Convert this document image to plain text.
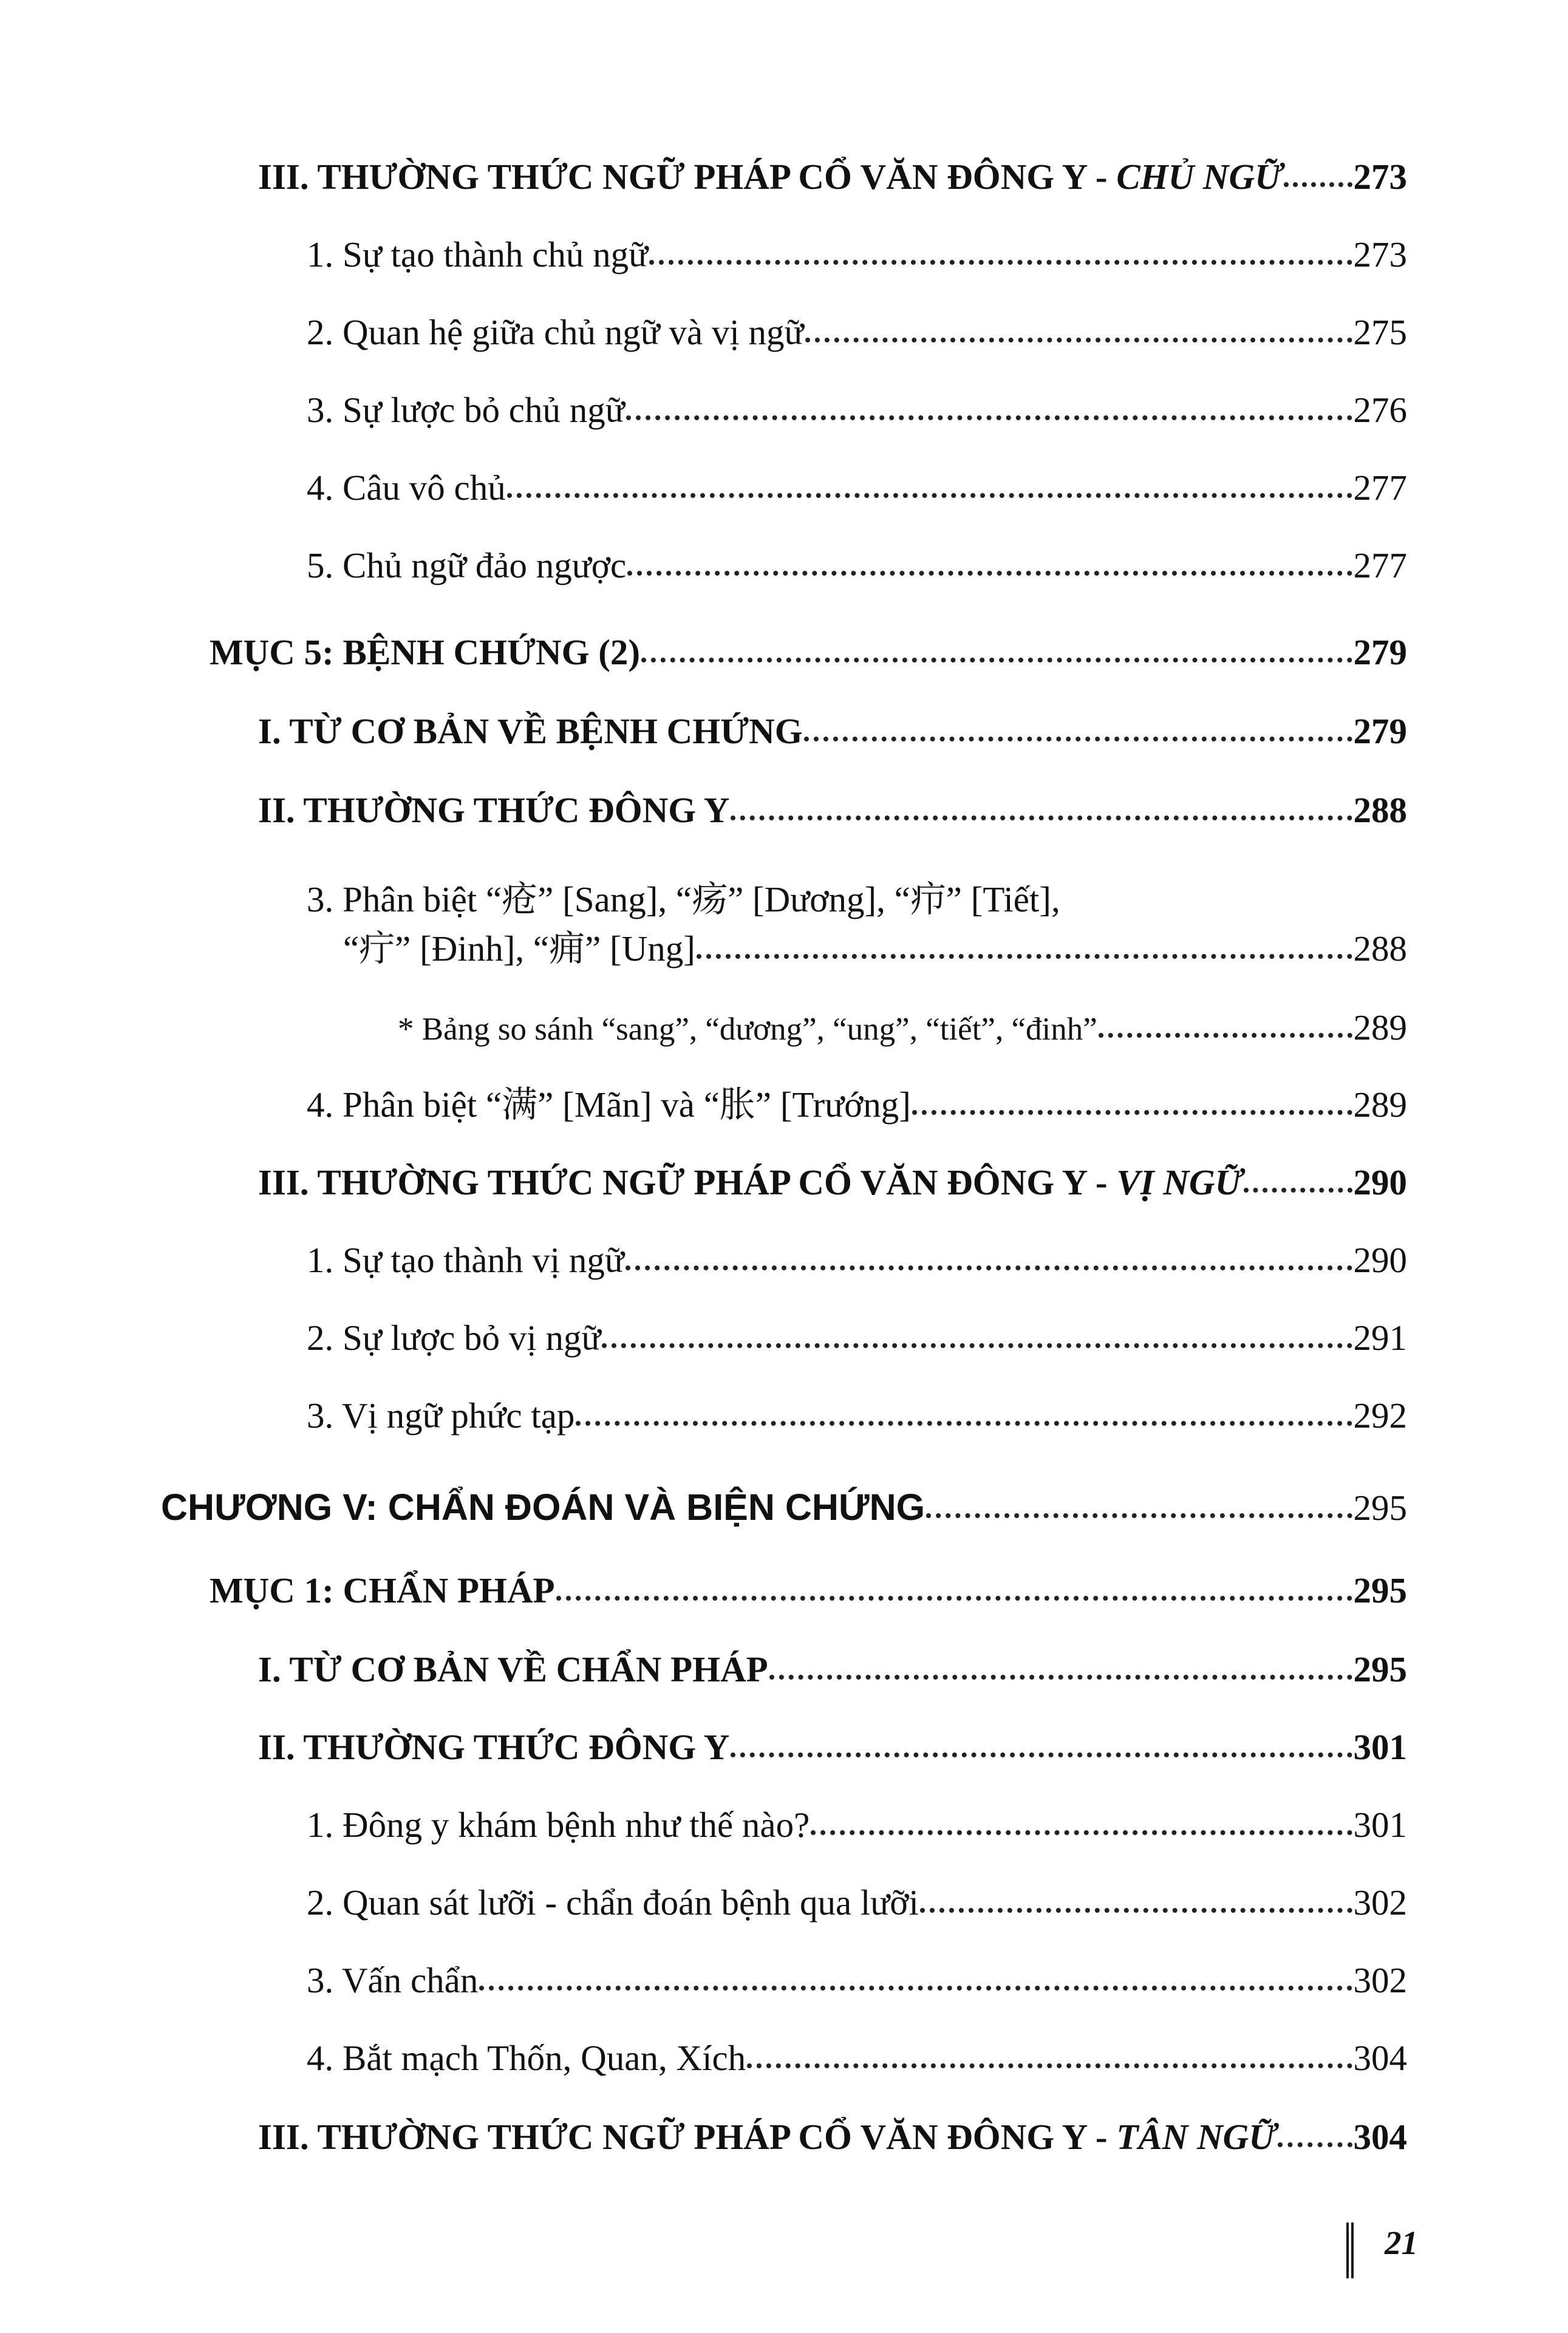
III. THƯỜNG THỨC NGỮ PHÁP CỔ VĂN ĐÔNG Y - CHỦ NGỮ 273
1. Sự tạo thành chủ ngữ	273
2. Quan hệ giữa chủ ngữ và vị ngữ	275
3. Sự lược bỏ chủ ngữ	276
4. Câu vô chủ	277
5. Chủ ngữ đảo ngược	277
MỤC 5: BỆNH CHỨNG (2)	279
I. TỪ CƠ BẢN VỀ BỆNH CHỨNG	279
II. THƯỜNG THỨC ĐÔNG Y	288
3. Phân biệt “疮” [Sang], “疡” [Dương], “疖” [Tiết],
“疔” [Đinh], “痈” [Ung]	288
* Bảng so sánh “sang”, “dương”, “ung”, “tiết”, “đinh”	289
4. Phân biệt “满” [Mãn] và “胀” [Trướng]	289
III. THƯỜNG THỨC NGỮ PHÁP CỔ VĂN ĐÔNG Y - VỊ NGỮ	290
1. Sự tạo thành vị ngữ	290
2. Sự lược bỏ vị ngữ	291
3. Vị ngữ phức tạp	292
CHƯƠNG V: CHẨN ĐOÁN VÀ BIỆN CHỨNG	295
MỤC 1: CHẨN PHÁP	295
I. TỪ CƠ BẢN VỀ CHẨN PHÁP	295
II. THƯỜNG THỨC ĐÔNG Y	301
1. Đông y khám bệnh như thế nào?	301
2. Quan sát lưỡi - chẩn đoán bệnh qua lưỡi	302
3. Vấn chẩn	302
4. Bắt mạch Thốn, Quan, Xích	304
III. THƯỜNG THỨC NGỮ PHÁP CỔ VĂN ĐÔNG Y - TÂN NGỮ 304
21
